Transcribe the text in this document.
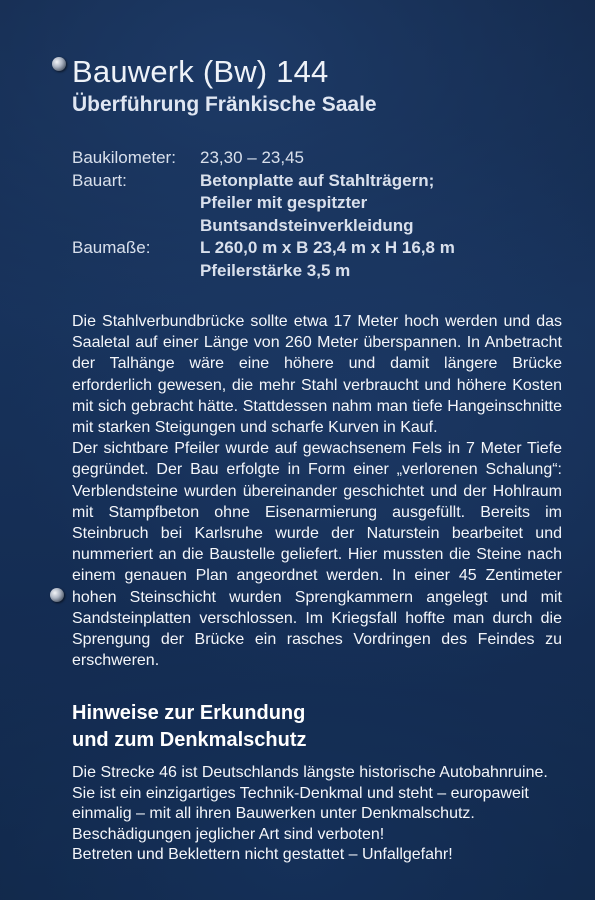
Bauwerk (Bw) 144
Überführung Fränkische Saale
Baukilometer:	23,30 – 23,45
Bauart:	Betonplatte auf Stahlträgern;
Pfeiler mit gespitzter
Buntsandsteinverkleidung
Baumaße:	L 260,0 m x B 23,4 m x H 16,8 m
Pfeilerstärke 3,5 m

Die Stahlverbundbrücke sollte etwa 17 Meter hoch werden und das Saaletal auf einer Länge von 260 Meter überspannen. In Anbetracht der Talhänge wäre eine höhere und damit längere Brücke erforderlich gewesen, die mehr Stahl verbraucht und höhere Kosten mit sich gebracht hätte. Stattdessen nahm man tiefe Hangeinschnitte mit starken Steigungen und scharfe Kurven in Kauf.

Der sichtbare Pfeiler wurde auf gewachsenem Fels in 7 Meter Tiefe gegründet. Der Bau erfolgte in Form einer „verlorenen Schalung“: Verblendsteine wurden übereinander geschichtet und der Hohlraum mit Stampfbeton ohne Eisenarmierung ausgefüllt. Bereits im Steinbruch bei Karlsruhe wurde der Naturstein bearbeitet und nummeriert an die Baustelle geliefert. Hier mussten die Steine nach einem genauen Plan angeordnet werden. In einer 45 Zentimeter hohen Steinschicht wurden Sprengkammern angelegt und mit Sandsteinplatten verschlossen. Im Kriegsfall hoffte man durch die Sprengung der Brücke ein rasches Vordringen des Feindes zu erschweren.

Hinweise zur Erkundung
und zum Denkmalschutz
Die Strecke 46 ist Deutschlands längste historische Autobahnruine.
Sie ist ein einzigartiges Technik-Denkmal und steht – europaweit
einmalig – mit all ihren Bauwerken unter Denkmalschutz.
Beschädigungen jeglicher Art sind verboten!
Betreten und Beklettern nicht gestattet – Unfallgefahr!
